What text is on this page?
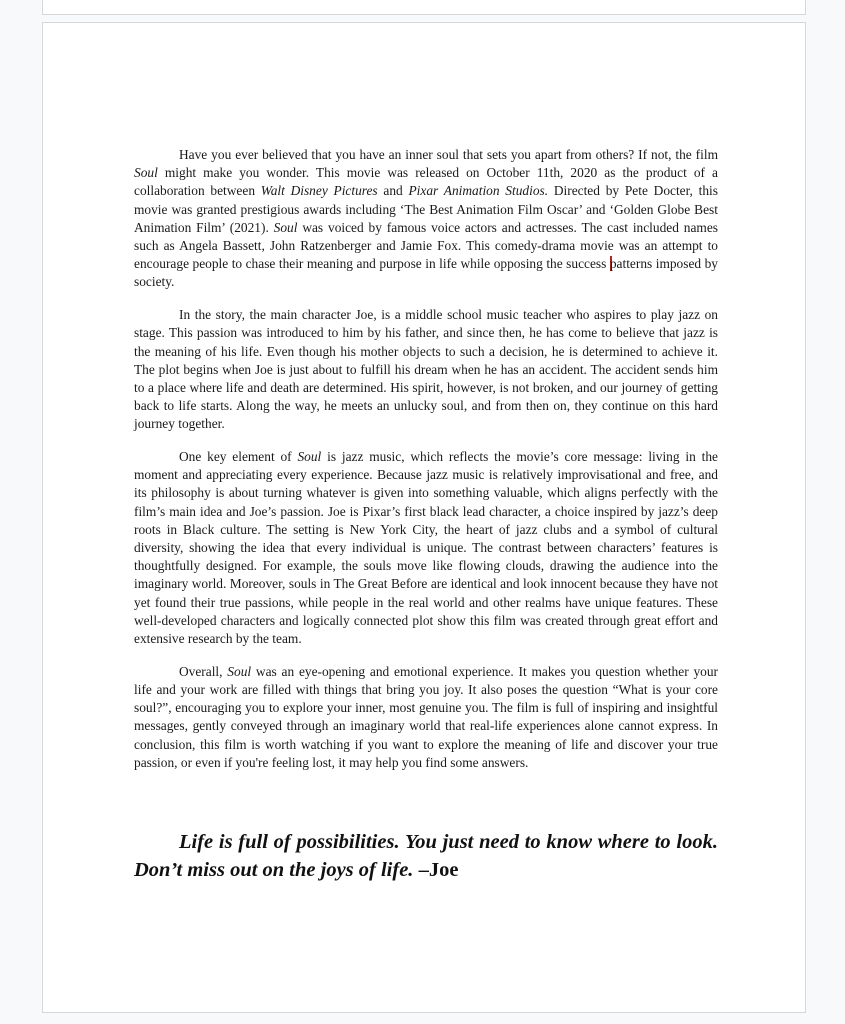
Have you ever believed that you have an inner soul that sets you apart from others? If not, the film Soul might make you wonder. This movie was released on October 11th, 2020 as the product of a collaboration between Walt Disney Pictures and Pixar Animation Studios. Directed by Pete Docter, this movie was granted prestigious awards including ‘The Best Animation Film Oscar’ and ‘Golden Globe Best Animation Film’ (2021). Soul was voiced by famous voice actors and actresses. The cast included names such as Angela Bassett, John Ratzenberger and Jamie Fox. This comedy-drama movie was an attempt to encourage people to chase their meaning and purpose in life while opposing the success patterns imposed by society.

In the story, the main character Joe, is a middle school music teacher who aspires to play jazz on stage. This passion was introduced to him by his father, and since then, he has come to believe that jazz is the meaning of his life. Even though his mother objects to such a decision, he is determined to achieve it. The plot begins when Joe is just about to fulfill his dream when he has an accident. The accident sends him to a place where life and death are determined. His spirit, however, is not broken, and our journey of getting back to life starts. Along the way, he meets an unlucky soul, and from then on, they continue on this hard journey together.

One key element of Soul is jazz music, which reflects the movie’s core message: living in the moment and appreciating every experience. Because jazz music is relatively improvisational and free, and its philosophy is about turning whatever is given into something valuable, which aligns perfectly with the film’s main idea and Joe’s passion. Joe is Pixar’s first black lead character, a choice inspired by jazz’s deep roots in Black culture. The setting is New York City, the heart of jazz clubs and a symbol of cultural diversity, showing the idea that every individual is unique. The contrast between characters’ features is thoughtfully designed. For example, the souls move like flowing clouds, drawing the audience into the imaginary world. Moreover, souls in The Great Before are identical and look innocent because they have not yet found their true passions, while people in the real world and other realms have unique features. These well-developed characters and logically connected plot show this film was created through great effort and extensive research by the team.

Overall, Soul was an eye-opening and emotional experience. It makes you question whether your life and your work are filled with things that bring you joy. It also poses the question “What is your core soul?”, encouraging you to explore your inner, most genuine you. The film is full of inspiring and insightful messages, gently conveyed through an imaginary world that real-life experiences alone cannot express. In conclusion, this film is worth watching if you want to explore the meaning of life and discover your true passion, or even if you're feeling lost, it may help you find some answers.

Life is full of possibilities. You just need to know where to look. Don’t miss out on the joys of life. –Joe
